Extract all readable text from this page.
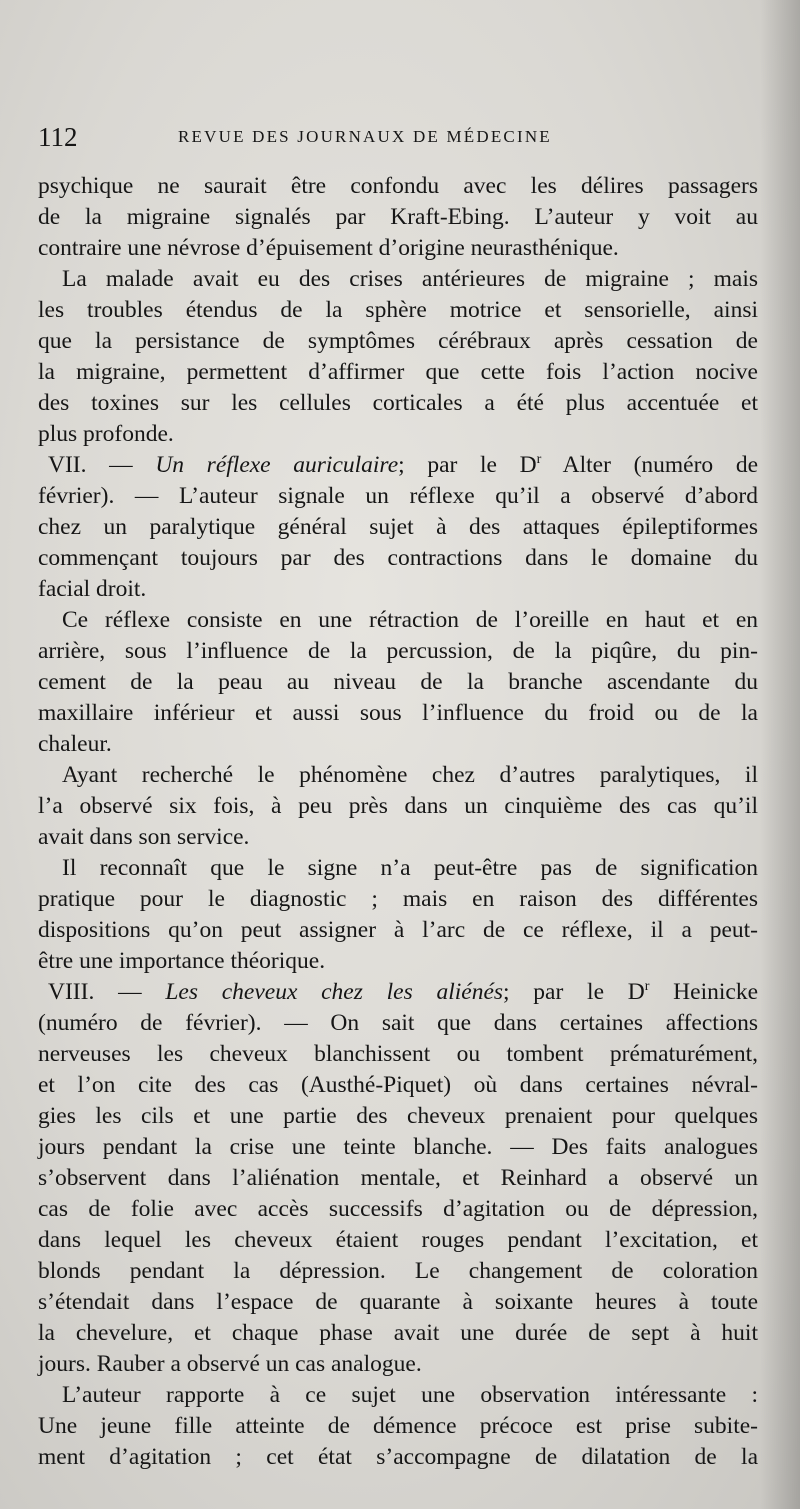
112	REVUE DES JOURNAUX DE MÉDECINE
psychique ne saurait être confondu avec les délires passagers
de la migraine signalés par Kraft-Ebing. L’auteur y voit au
contraire une névrose d’épuisement d’origine neurasthénique.
La malade avait eu des crises antérieures de migraine ; mais
les troubles étendus de la sphère motrice et sensorielle, ainsi
que la persistance de symptômes cérébraux après cessation de
la migraine, permettent d’affirmer que cette fois l’action nocive
des toxines sur les cellules corticales a été plus accentuée et
plus profonde.
VII. — Un réflexe auriculaire; par le $D^r$ Alter (numéro de
février). — L’auteur signale un réflexe qu’il a observé d’abord
chez un paralytique général sujet à des attaques épileptiformes
commençant toujours par des contractions dans le domaine du
facial droit.
Ce réflexe consiste en une rétraction de l’oreille en haut et en
arrière, sous l’influence de la percussion, de la piqûre, du pin-
cement de la peau au niveau de la branche ascendante du
maxillaire inférieur et aussi sous l’influence du froid ou de la
chaleur.
Ayant recherché le phénomène chez d’autres paralytiques, il
l’a observé six fois, à peu près dans un cinquième des cas qu’il
avait dans son service.
Il reconnaît que le signe n’a peut-être pas de signification
pratique pour le diagnostic ; mais en raison des différentes
dispositions qu’on peut assigner à l’arc de ce réflexe, il a peut-
être une importance théorique.
VIII. — Les cheveux chez les aliénés; par le $D^r$ Heinicke
(numéro de février). — On sait que dans certaines affections
nerveuses les cheveux blanchissent ou tombent prématurément,
et l’on cite des cas (Austhé-Piquet) où dans certaines névral-
gies les cils et une partie des cheveux prenaient pour quelques
jours pendant la crise une teinte blanche. — Des faits analogues
s’observent dans l’aliénation mentale, et Reinhard a observé un
cas de folie avec accès successifs d’agitation ou de dépression,
dans lequel les cheveux étaient rouges pendant l’excitation, et
blonds pendant la dépression. Le changement de coloration
s’étendait dans l’espace de quarante à soixante heures à toute
la chevelure, et chaque phase avait une durée de sept à huit
jours. Rauber a observé un cas analogue.
L’auteur rapporte à ce sujet une observation intéressante :
Une jeune fille atteinte de démence précoce est prise subite-
ment d’agitation ; cet état s’accompagne de dilatation de la
